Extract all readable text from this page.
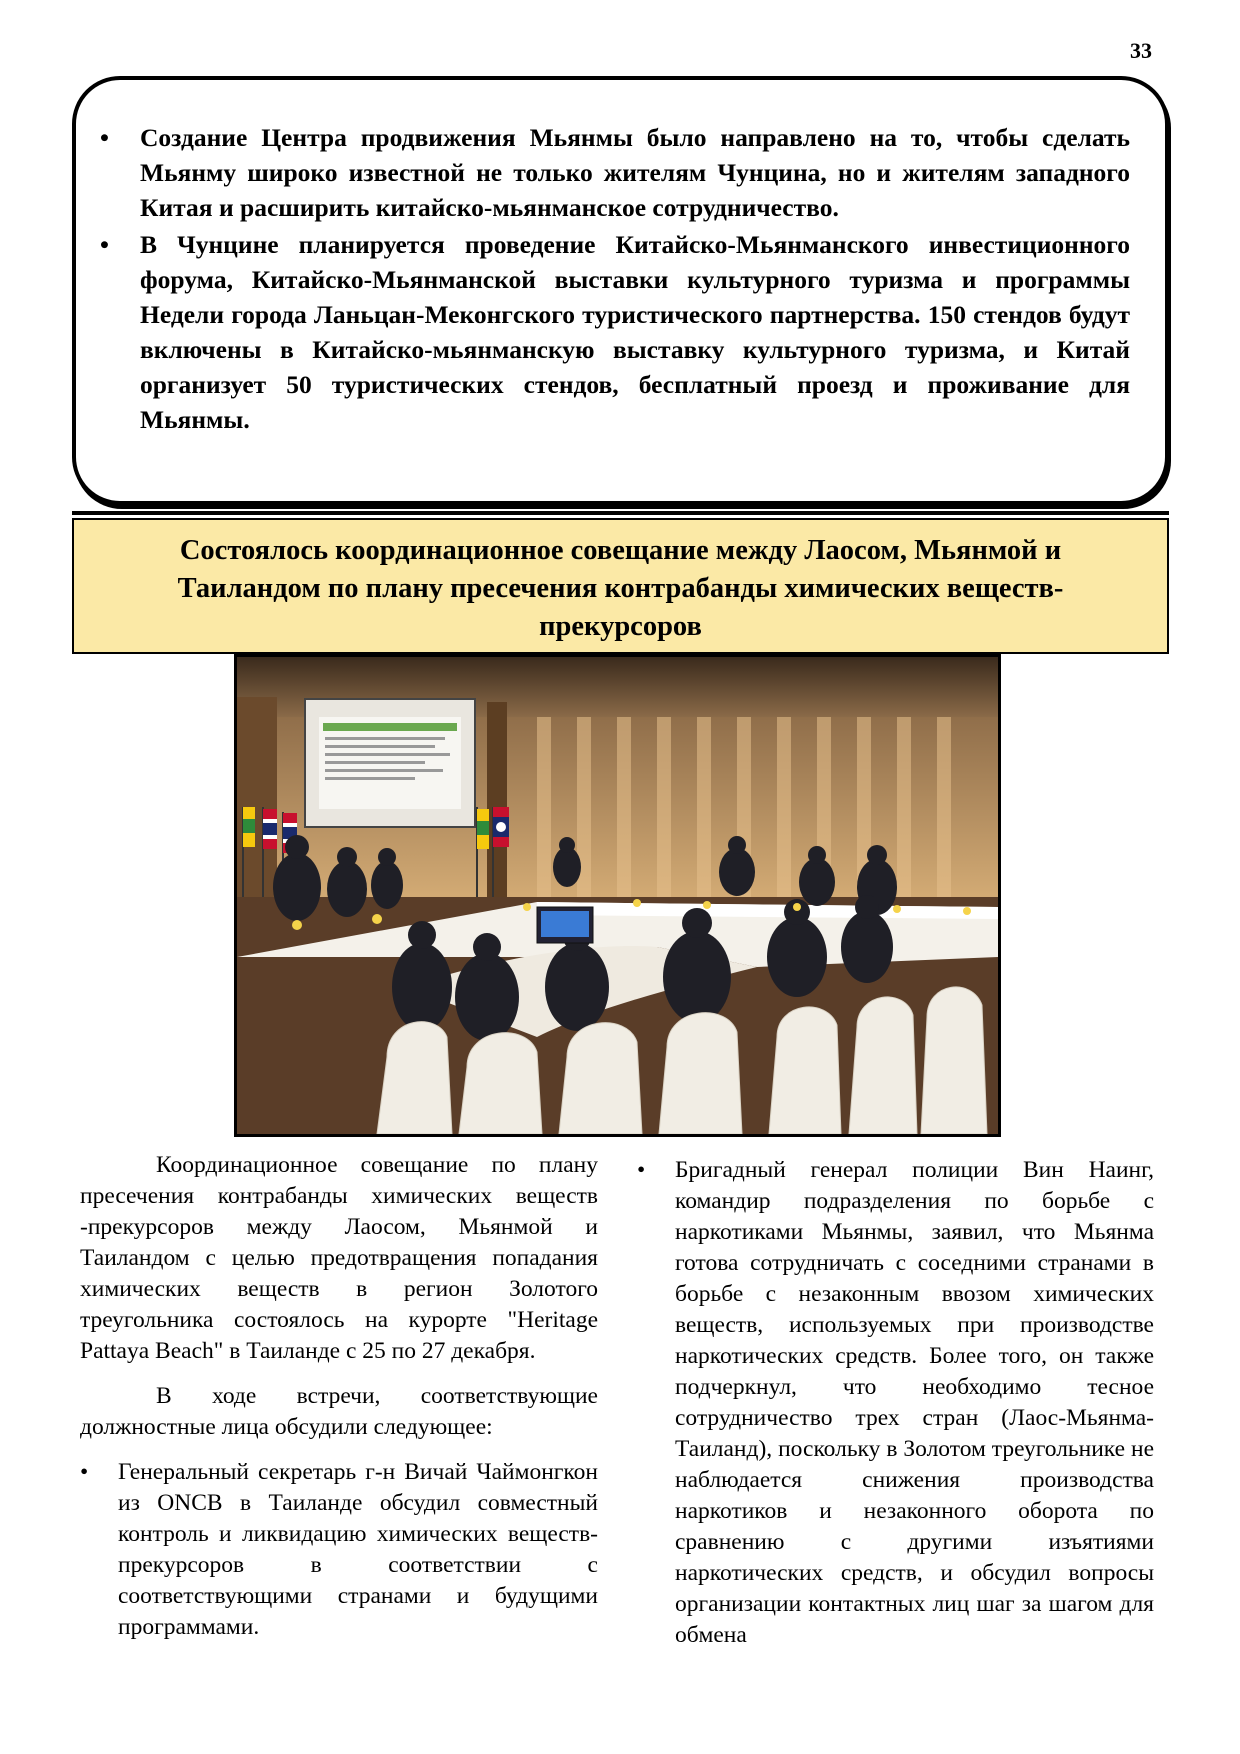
33
• Создание Центра продвижения Мьянмы было направлено на то, чтобы сделать Мьянму широко известной не только жителям Чунцина, но и жителям западного Китая и расширить китайско-мьянманское сотрудничество.
• В Чунцине планируется проведение Китайско-Мьянманского инвестиционного форума, Китайско-Мьянманской выставки культурного туризма и программы Недели города Ланьцан-Меконгского туристического партнерства. 150 стендов будут включены в Китайско-мьянманскую выставку культурного туризма, и Китай организует 50 туристических стендов, бесплатный проезд и проживание для Мьянмы.
Состоялось координационное совещание между Лаосом, Мьянмой и Таиландом по плану пресечения контрабанды химических веществ-прекурсоров

Координационное совещание по плану пресечения контрабанды химических веществ -прекурсоров между Лаосом, Мьянмой и Таиландом с целью предотвращения попадания химических веществ в регион Золотого треугольника состоялось на курорте "Heritage Pattaya Beach" в Таиланде с 25 по 27 декабря.

В ходе встречи, соответствующие должностные лица обсудили следующее:

• Генеральный секретарь г-н Вичай Чаймонгкон из ONCB в Таиланде обсудил совместный контроль и ликвидацию химических веществ-прекурсоров в соответствии с соответствующими странами и будущими программами.
• Бригадный генерал полиции Вин Наинг, командир подразделения по борьбе с наркотиками Мьянмы, заявил, что Мьянма готова сотрудничать с соседними странами в борьбе с незаконным ввозом химических веществ, используемых при производстве наркотических средств. Более того, он также подчеркнул, что необходимо тесное сотрудничество трех стран (Лаос-Мьянма-Таиланд), поскольку в Золотом треугольнике не наблюдается снижения производства наркотиков и незаконного оборота по сравнению с другими изъятиями наркотических средств, и обсудил вопросы организации контактных лиц шаг за шагом для обмена
